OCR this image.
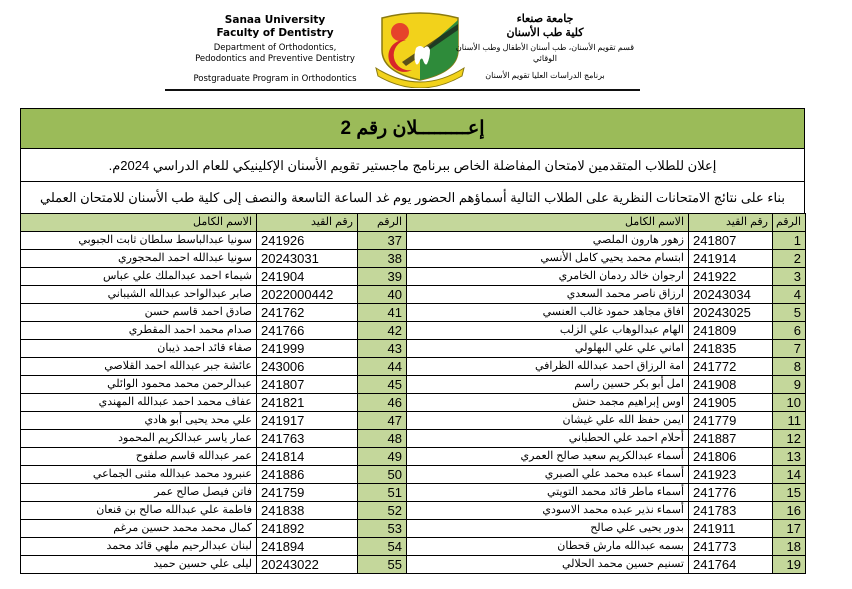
Sanaa University
Faculty of Dentistry
Department of Orthodontics,
Pedodontics and Preventive Dentistry
Postgraduate Program in Orthodontics
جامعة صنعاء
كلية طب الأسنان
قسم تقويم الأسنان، طب أسنان الأطفال وطب الأسنان الوقائي
برنامج الدراسات العليا تقويم الأسنان
إعـــــــــلان رقم 2
إعلان للطلاب المتقدمين لامتحان المفاضلة الخاص ببرنامج ماجستير تقويم الأسنان الإكلينيكي للعام الدراسي 2024م.
بناء على نتائج الامتحانات النظرية على الطلاب التالية أسماؤهم الحضور يوم غد الساعة التاسعة والنصف إلى كلية طب الأسنان للامتحان العملي
الرقم	رقم القيد	الاسم الكامل	الرقم	رقم القيد	الاسم الكامل
1	241807	زهور هارون الملصي	37	241926	سونيا عبدالباسط سلطان ثابت الجبوبي
2	241914	ابتسام محمد يحيي كامل الأنسي	38	20243031	سونيا عبدالله احمد المحجوري
3	241922	ارجوان خالد ردمان الخامري	39	241904	شيماء احمد عبدالملك علي عباس
4	20243034	ارزاق ناصر محمد السعدي	40	2022000442	صابر عبدالواحد عبدالله الشيباني
5	20243025	افاق مجاهد حمود غالب العنسي	41	241762	صادق احمد قاسم حسن
6	241809	الهام عبدالوهاب علي الزلب	42	241766	صدام محمد احمد المقطري
7	241835	اماني علي علي البهلولي	43	241999	صفاء قائد احمد ذيبان
8	241772	امة الرزاق احمد عبدالله الظرافي	44	243006	عائشة جبر عبدالله احمد القلاصي
9	241908	امل أبو بكر حسين راسم	45	241807	عبدالرحمن محمد محمود الوائلي
10	241905	اوس إبراهيم مجمد حنش	46	241821	عفاف محمد احمد عبدالله المهندي
11	241779	ايمن حفظ الله علي غيشان	47	241917	علي محد يحيى أبو هادي
12	241887	أحلام احمد علي الحطباني	48	241763	عمار ياسر عبدالكريم المحمود
13	241806	أسماء عبدالكريم سعيد صالح العمري	49	241814	عمر عبدالله قاسم صلفوح
14	241923	أسماء عبده محمد علي الصبري	50	241886	عنبرود محمد عبدالله مثنى الجماعي
15	241776	أسماء ماطر قائد محمد التويتي	51	241759	فاتن فيصل صالح عمر
16	241783	أسماء نذير عبده محمد الاسودي	52	241838	فاطمة علي عبدالله صالح بن قنعان
17	241911	بدور يحيى علي صالح	53	241892	كمال محمد محمد حسين مرغم
18	241773	بسمه عبدالله مارش قحطان	54	241894	لبنان عبدالرحيم ملهي قائد محمد
19	241764	تسنيم حسين محمد الحلالي	55	20243022	ليلى علي حسين حميد
